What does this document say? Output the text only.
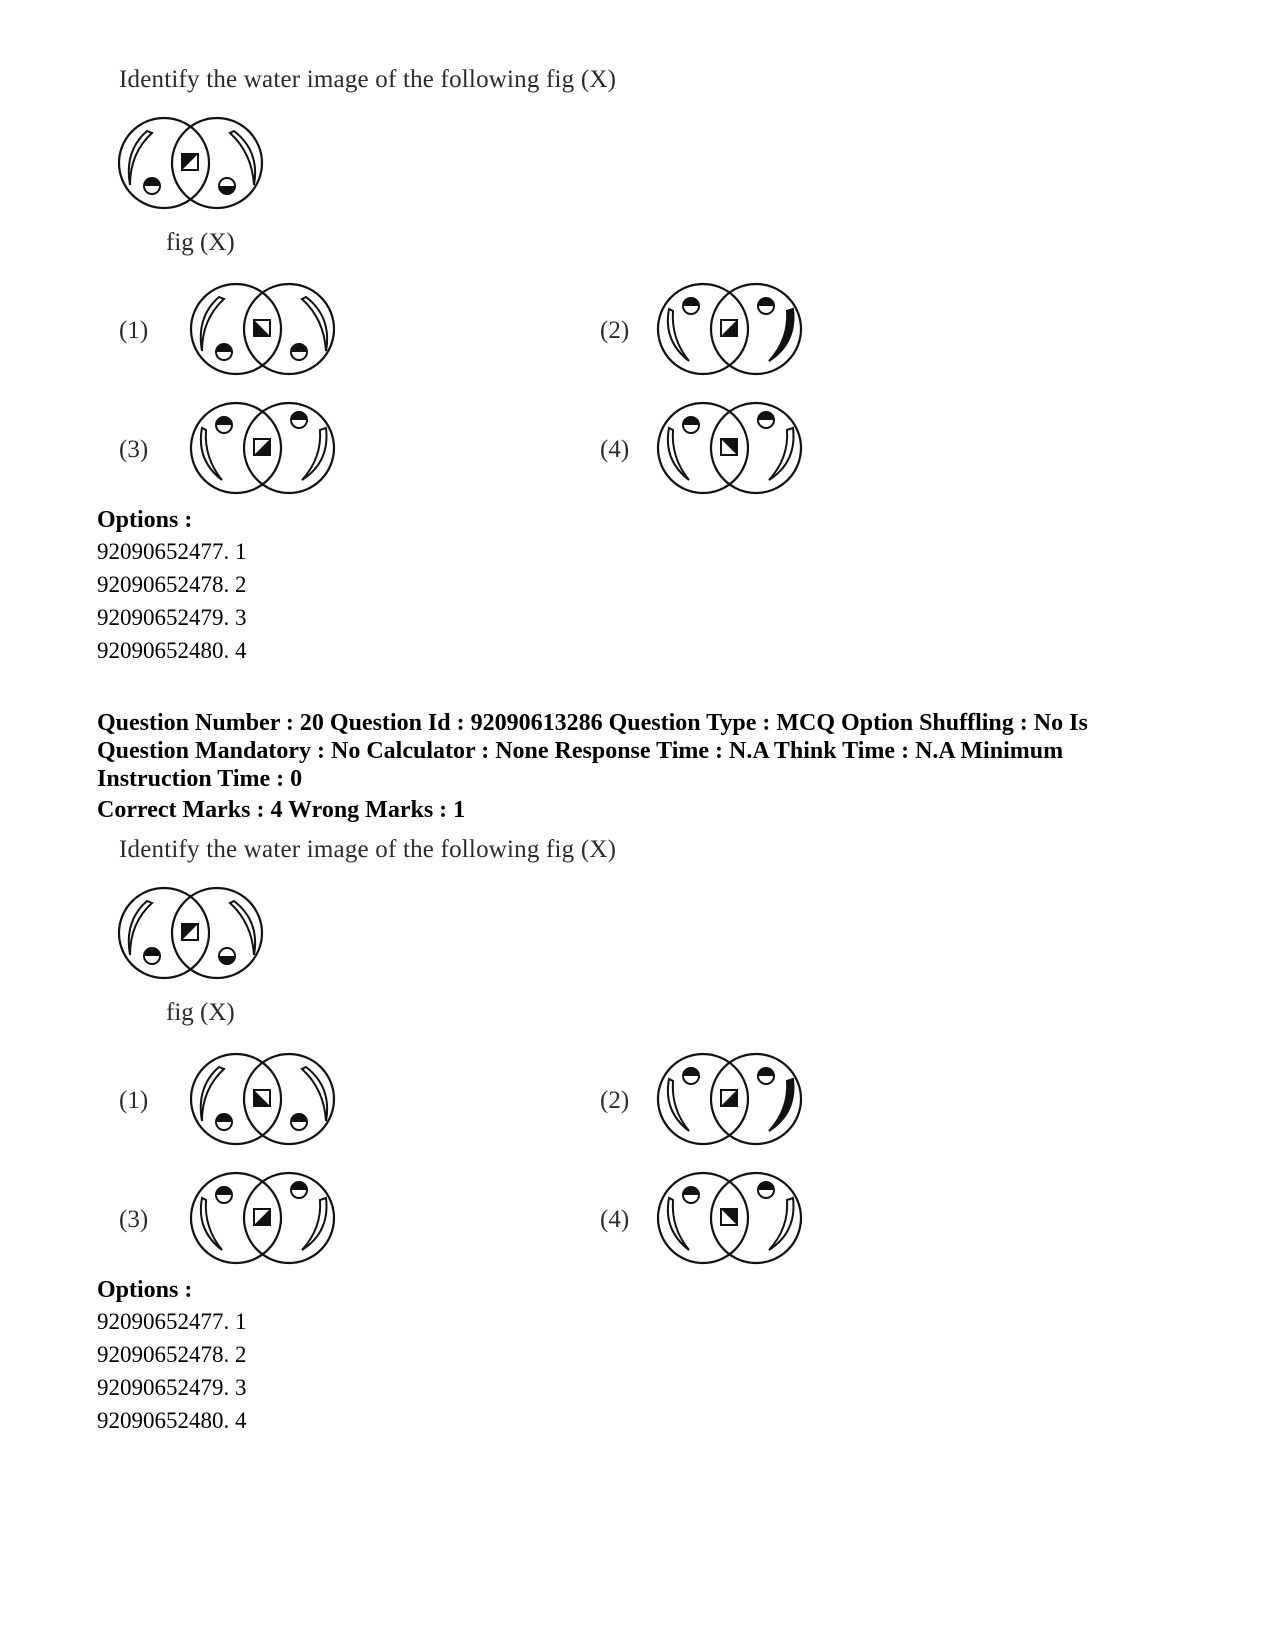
Identify the water image of the following fig (X)
fig (X)
(1)	(2)
(3)	(4)
Options :
92090652477. 1
92090652478. 2
92090652479. 3
92090652480. 4
Question Number : 20 Question Id : 92090613286 Question Type : MCQ Option Shuffling : No Is
Question Mandatory : No Calculator : None Response Time : N.A Think Time : N.A Minimum
Instruction Time : 0
Correct Marks : 4 Wrong Marks : 1
Identify the water image of the following fig (X)
fig (X)
(1)	(2)
(3)	(4)
Options :
92090652477. 1
92090652478. 2
92090652479. 3
92090652480. 4
